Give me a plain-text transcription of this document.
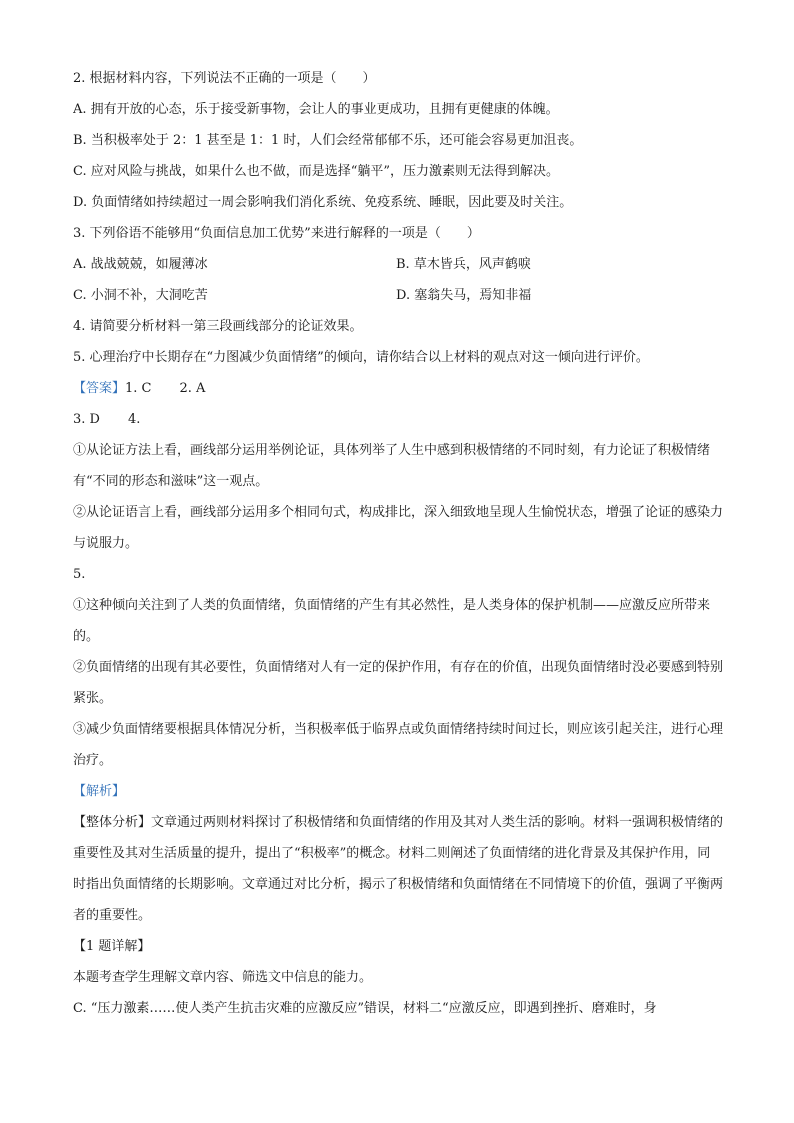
2. 根据材料内容，下列说法不正确的一项是（　　）
A. 拥有开放的心态，乐于接受新事物，会让人的事业更成功，且拥有更健康的体魄。
B. 当积极率处于 2：1 甚至是 1：1 时，人们会经常郁郁不乐，还可能会容易更加沮丧。
C. 应对风险与挑战，如果什么也不做，而是选择“躺平”，压力激素则无法得到解决。
D. 负面情绪如持续超过一周会影响我们消化系统、免疫系统、睡眠，因此要及时关注。
3. 下列俗语不能够用“负面信息加工优势”来进行解释的一项是（　　）
A. 战战兢兢，如履薄冰	B. 草木皆兵，风声鹤唳
C. 小洞不补，大洞吃苦	D. 塞翁失马，焉知非福
4. 请简要分析材料一第三段画线部分的论证效果。
5. 心理治疗中长期存在“力图减少负面情绪”的倾向，请你结合以上材料的观点对这一倾向进行评价。
【答案】1. C 2. A
3. D 4.
①从论证方法上看，画线部分运用举例论证，具体列举了人生中感到积极情绪的不同时刻，有力论证了积极情绪有“不同的形态和滋味”这一观点。
②从论证语言上看，画线部分运用多个相同句式，构成排比，深入细致地呈现人生愉悦状态，增强了论证的感染力与说服力。
5.
①这种倾向关注到了人类的负面情绪，负面情绪的产生有其必然性，是人类身体的保护机制——应激反应所带来的。
②负面情绪的出现有其必要性，负面情绪对人有一定的保护作用，有存在的价值，出现负面情绪时没必要感到特别紧张。
③减少负面情绪要根据具体情况分析，当积极率低于临界点或负面情绪持续时间过长，则应该引起关注，进行心理治疗。
【解析】
【整体分析】文章通过两则材料探讨了积极情绪和负面情绪的作用及其对人类生活的影响。材料一强调积极情绪的重要性及其对生活质量的提升，提出了“积极率”的概念。材料二则阐述了负面情绪的进化背景及其保护作用，同时指出负面情绪的长期影响。文章通过对比分析，揭示了积极情绪和负面情绪在不同情境下的价值，强调了平衡两者的重要性。
【1 题详解】
本题考查学生理解文章内容、筛选文中信息的能力。
C. “压力激素……使人类产生抗击灾难的应激反应”错误，材料二“应激反应，即遇到挫折、磨难时，身
